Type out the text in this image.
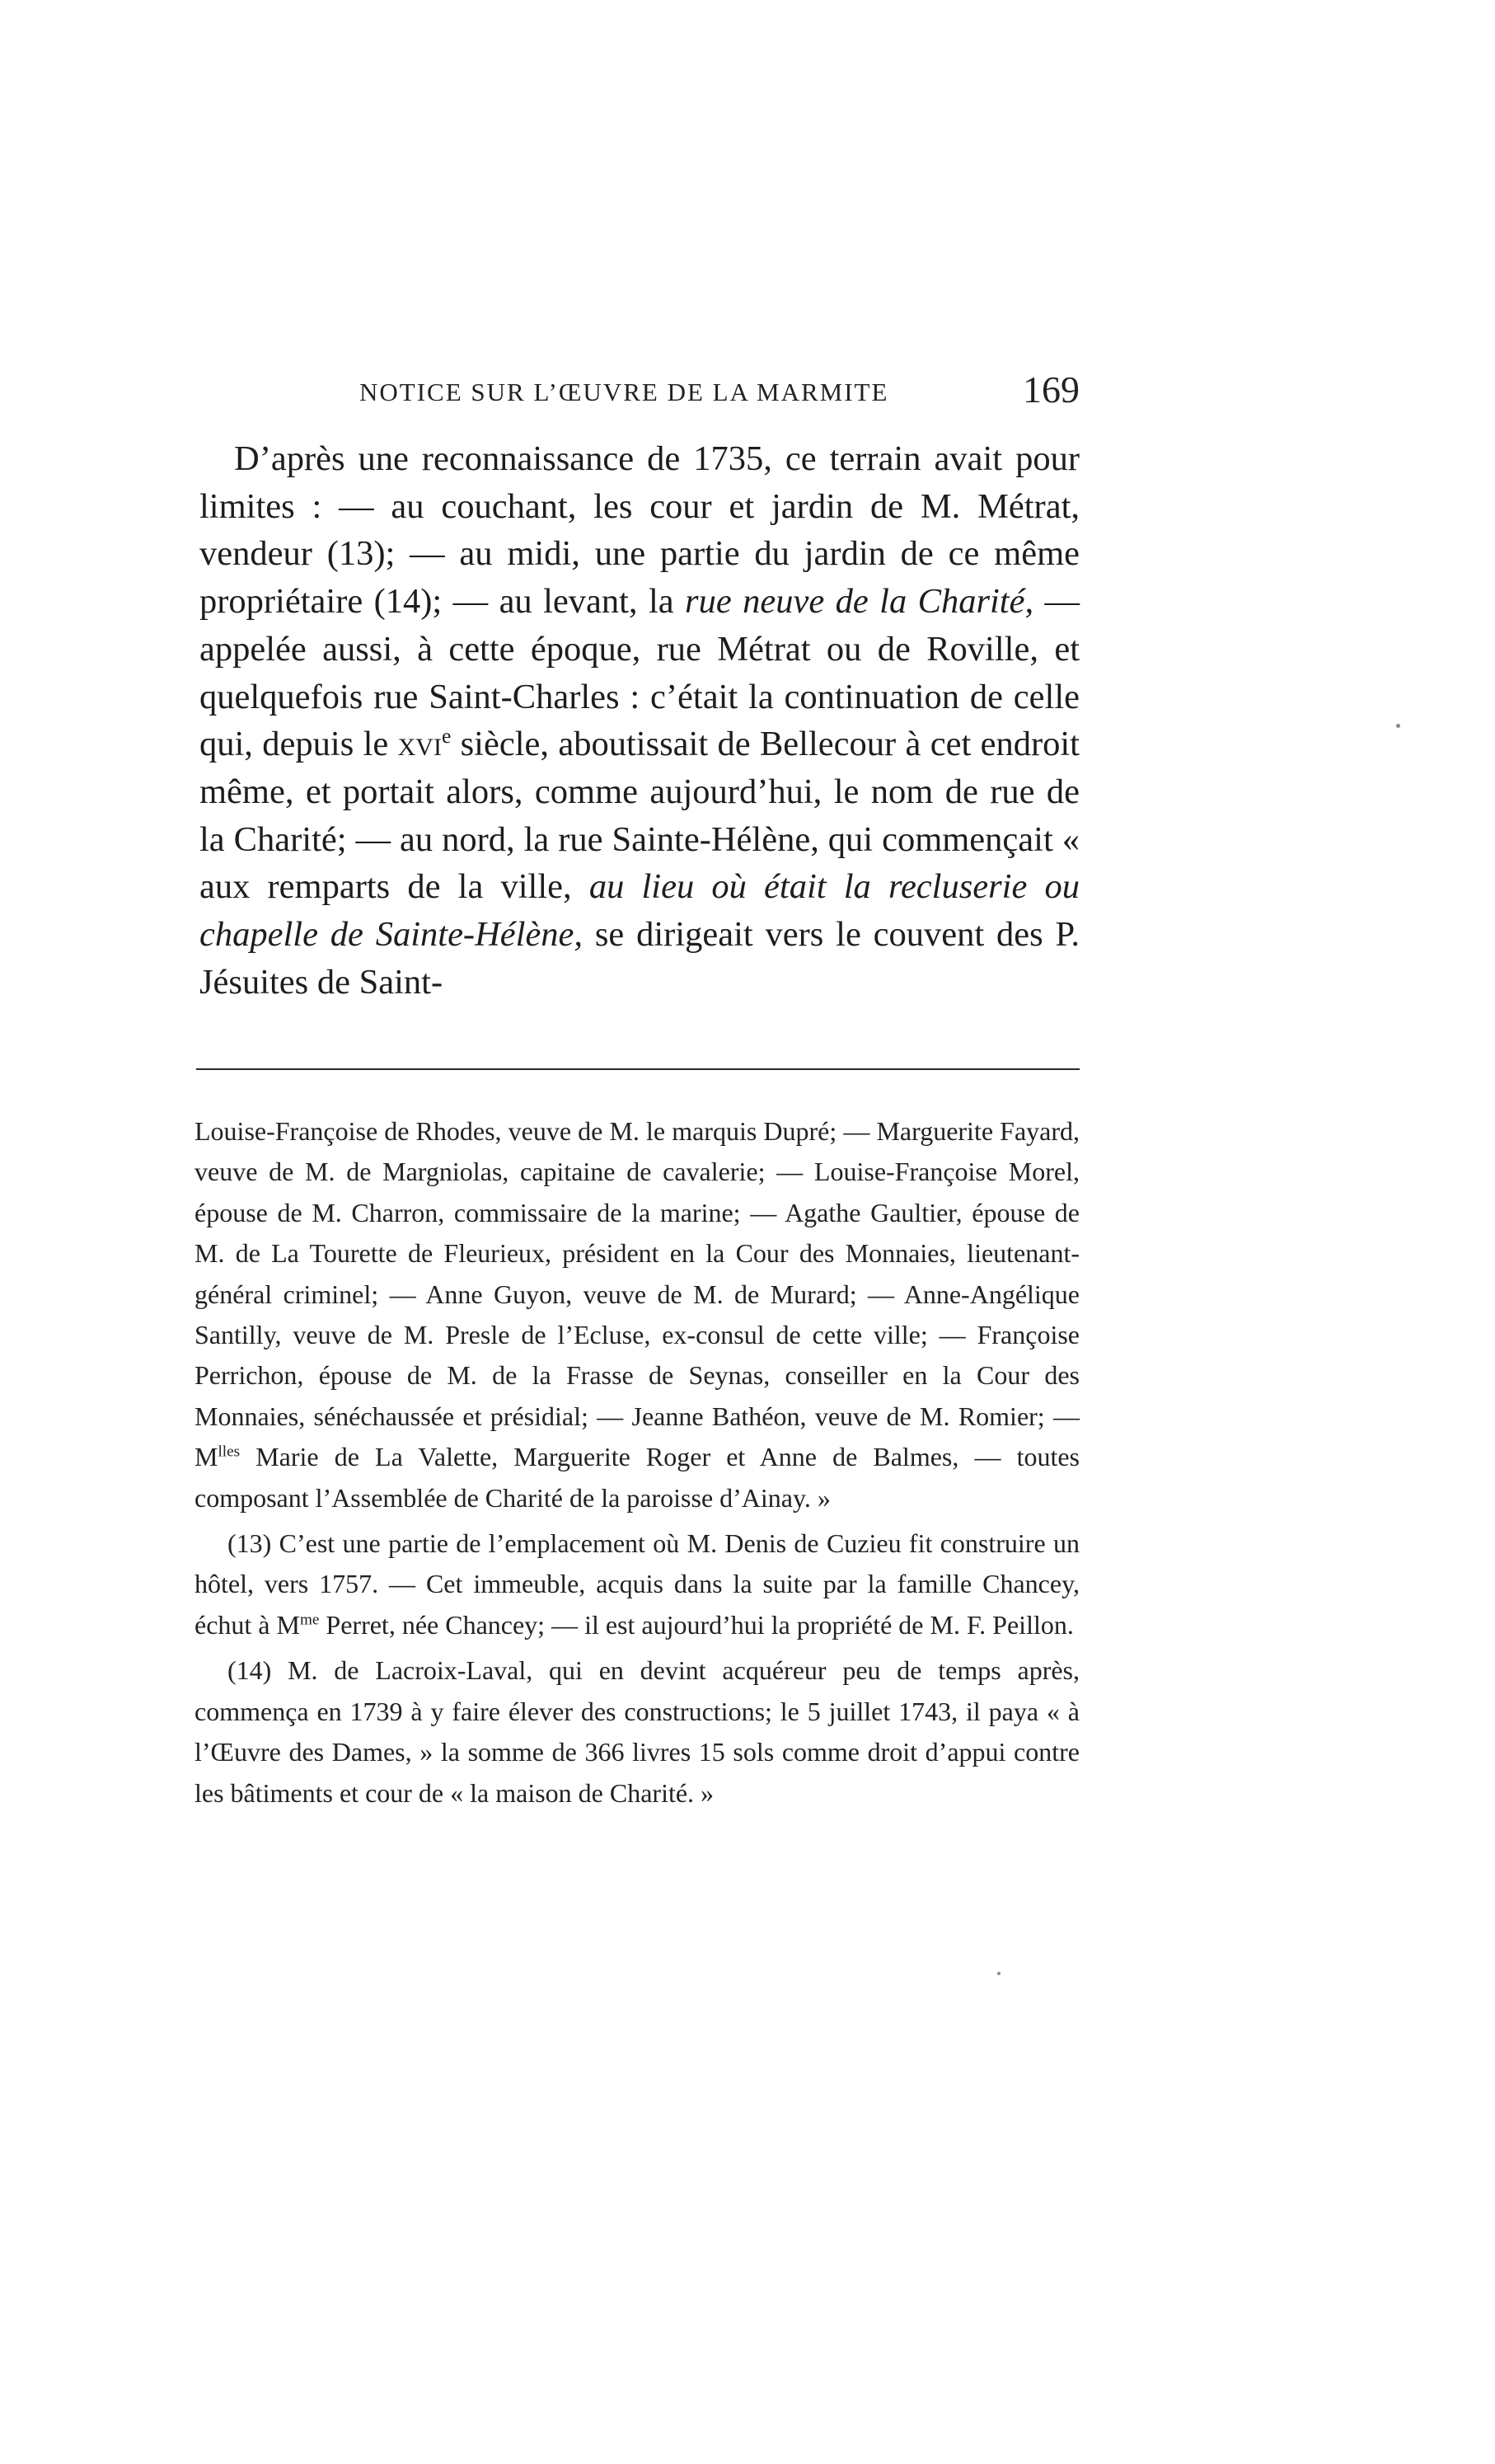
NOTICE SUR L’ŒUVRE DE LA MARMITE	169

D’après une reconnaissance de 1735, ce terrain avait pour limites : — au couchant, les cour et jardin de M. Métrat, vendeur (13); — au midi, une partie du jardin de ce même propriétaire (14); — au levant, la rue neuve de la Charité, — appelée aussi, à cette époque, rue Métrat ou de Roville, et quelquefois rue Saint-Charles : c’était la continuation de celle qui, depuis le xvi$^e$ siècle, aboutissait de Bellecour à cet endroit même, et portait alors, comme aujourd’hui, le nom de rue de la Charité; — au nord, la rue Sainte-Hélène, qui commençait « aux remparts de la ville, au lieu où était la recluserie ou chapelle de Sainte-Hélène, se dirigeait vers le couvent des P. Jésuites de Saint-

Louise-Françoise de Rhodes, veuve de M. le marquis Dupré; — Marguerite Fayard, veuve de M. de Margniolas, capitaine de cavalerie; — Louise-Françoise Morel, épouse de M. Charron, commissaire de la marine; — Agathe Gaultier, épouse de M. de La Tourette de Fleurieux, président en la Cour des Monnaies, lieutenant-général criminel; — Anne Guyon, veuve de M. de Murard; — Anne-Angélique Santilly, veuve de M. Presle de l’Ecluse, ex-consul de cette ville; — Françoise Perrichon, épouse de M. de la Frasse de Seynas, conseiller en la Cour des Monnaies, sénéchaussée et présidial; — Jeanne Bathéon, veuve de M. Romier; — $M^{lles}$ Marie de La Valette, Marguerite Roger et Anne de Balmes, — toutes composant l’Assemblée de Charité de la paroisse d’Ainay. »

(13) C’est une partie de l’emplacement où M. Denis de Cuzieu fit construire un hôtel, vers 1757. — Cet immeuble, acquis dans la suite par la famille Chancey, échut à $M^{me}$ Perret, née Chancey; — il est aujourd’hui la propriété de M. F. Peillon.

(14) M. de Lacroix-Laval, qui en devint acquéreur peu de temps après, commença en 1739 à y faire élever des constructions; le 5 juillet 1743, il paya « à l’Œuvre des Dames, » la somme de 366 livres 15 sols comme droit d’appui contre les bâtiments et cour de « la maison de Charité. »
